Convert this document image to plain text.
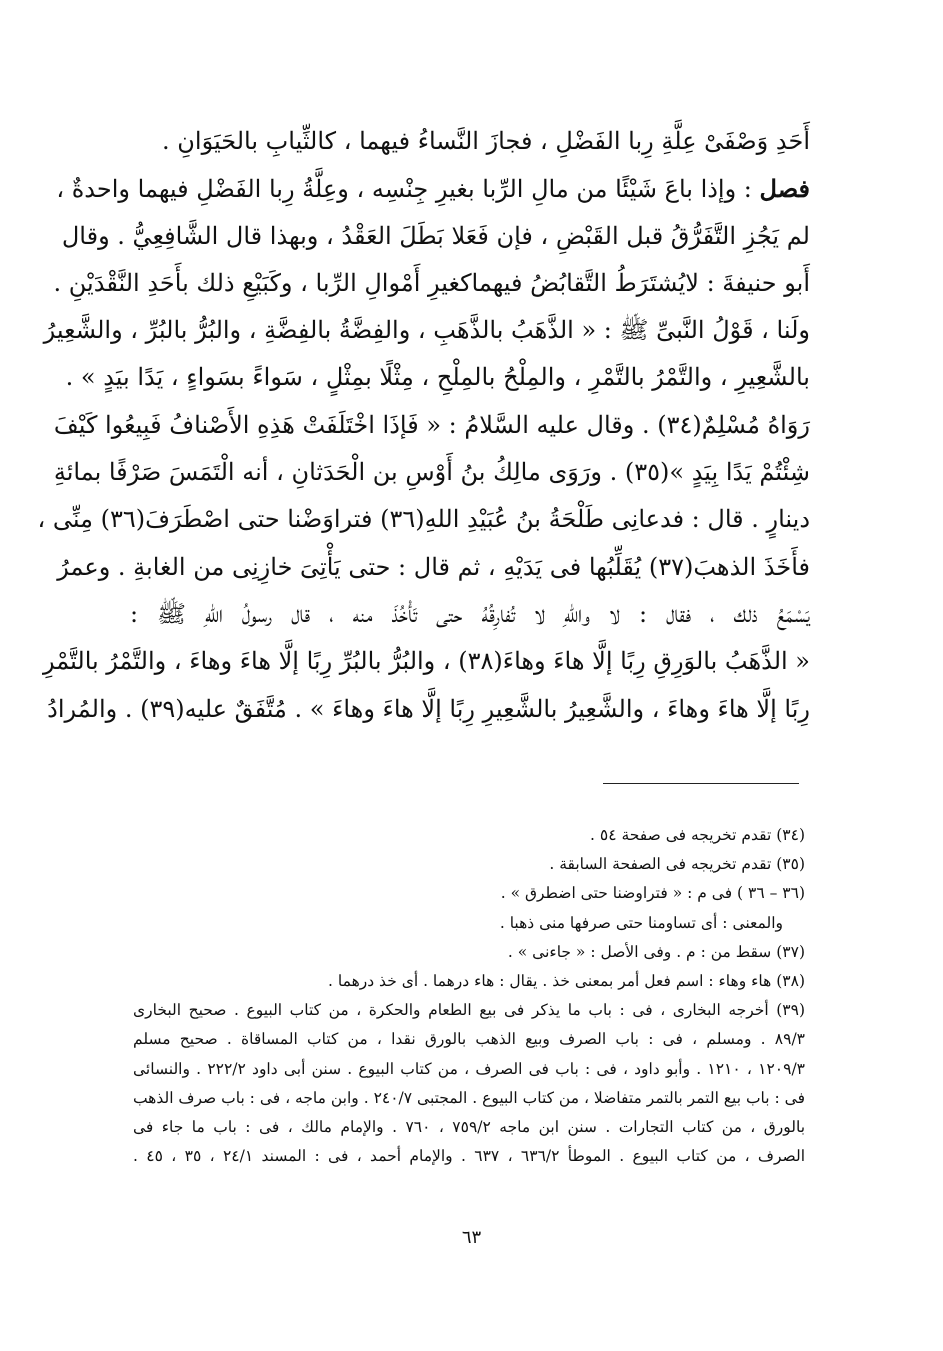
أَحَدِ وَصْفَىْ عِلَّةِ رِبا الفَضْلِ ، فجازَ النَّساءُ فيهما ، كالثِّيابِ بالحَيَوَانِ .
فصل : وإذا باعَ شَيْئًا من مالِ الرِّبا بغيرِ جِنْسِه ، وعِلَّةُ رِبا الفَضْلِ فيهما واحدةٌ ،
لم يَجُزِ التَّفَرُّقُ قبل القَبْضِ ، فإن فَعَلا بَطَلَ العَقْدُ ، وبهذا قال الشَّافِعِيُّ . وقال
أَبو حنيفةَ : لايُشتَرَطُ التَّقابُضُ فيهماكغيرِ أَمْوالِ الرِّبا ، وكَبَيْعِ ذلك بأَحَدِ النَّقْدَيْنِ .
ولَنا ، قَوْلُ النَّبىِّ ﷺ : « الذَّهَبُ بالذَّهَبِ ، والفِضَّةُ بالفِضَّةِ ، والبُرُّ بالبُرِّ ، والشَّعِيرُ
بالشَّعِيرِ ، والتَّمْرُ بالتَّمْرِ ، والمِلْحُ بالمِلْحِ ، مِثْلًا بمِثْلٍ ، سَواءً بسَواءٍ ، يَدًا بيَدٍ » .
رَوَاهُ مُسْلِمٌ(٣٤) . وقال عليه السَّلامُ : « فَإذَا اخْتَلَفَتْ هَذِهِ الأَصْنافُ فَبِيعُوا كَيْفَ
شِئْتُمْ يَدًا بِيَدٍ »(٣٥) . ورَوَى مالِكُ بنُ أَوْسِ بن الْحَدَثانِ ، أنه الْتَمَسَ صَرْفًا بمائةِ
دينارٍ . قال : فدعانِى طَلْحَةُ بنُ عُبَيْدِ اللهِ(٣٦) فتراوَضْنا حتى اصْطَرَفَ(٣٦) مِنِّى ،
فأَخَذَ الذهبَ(٣٧) يُقَلِّبُها فى يَدَيْهِ ، ثم قال : حتى يَأْتِىَ خازِنِى من الغابةِ . وعمرُ
يَسْمَعُ ذلك ، فقال : لا واللهِ لا تُفارِقُهُ حتى تَأْخُذَ منه ، قال رسولُ اللهِ ﷺ :
« الذَّهَبُ بالوَرِقِ رِبًا إلَّا هاءَ وهاءَ(٣٨) ، والبُرُّ بالبُرِّ رِبًا إلَّا هاءَ وهاءَ ، والتَّمْرُ بالتَّمْرِ
رِبًا إلَّا هاءَ وهاءَ ، والشَّعِيرُ بالشَّعِيرِ رِبًا إلَّا هاءَ وهاءَ » . مُتَّفَقٌ عليه(٣٩) . والمُرادُ
(٣٤) تقدم تخريجه فى صفحة ٥٤ .
(٣٥) تقدم تخريجه فى الصفحة السابقة .
(٣٦ – ٣٦ ) فى م : « فتراوضنا حتى اضطرق » .
والمعنى : أى تساومنا حتى صرفها منى ذهبا .
(٣٧) سقط من : م . وفى الأصل : « جاءنى » .
(٣٨) هاء وهاء : اسم فعل أمر بمعنى خذ . يقال : هاء درهما . أى خذ درهما .
(٣٩) أخرجه البخارى ، فى : باب ما يذكر فى بيع الطعام والحكرة ، من كتاب البيوع . صحيح البخارى
٨٩/٣ . ومسلم ، فى : باب الصرف وبيع الذهب بالورق نقدا ، من كتاب المساقاة . صحيح مسلم
١٢٠٩/٣ ، ١٢١٠ . وأبو داود ، فى : باب فى الصرف ، من كتاب البيوع . سنن أبى داود ٢٢٢/٢ . والنسائى
فى : باب بيع التمر بالتمر متفاضلا ، من كتاب البيوع . المجتبى ٢٤٠/٧ . وابن ماجه ، فى : باب صرف الذهب
بالورق ، من كتاب التجارات . سنن ابن ماجه ٧٥٩/٢ ، ٧٦٠ . والإمام مالك ، فى : باب ما جاء فى
الصرف ، من كتاب البيوع . الموطأ ٦٣٦/٢ ، ٦٣٧ . والإمام أحمد ، فى : المسند ٢٤/١ ، ٣٥ ، ٤٥ .
٦٣
